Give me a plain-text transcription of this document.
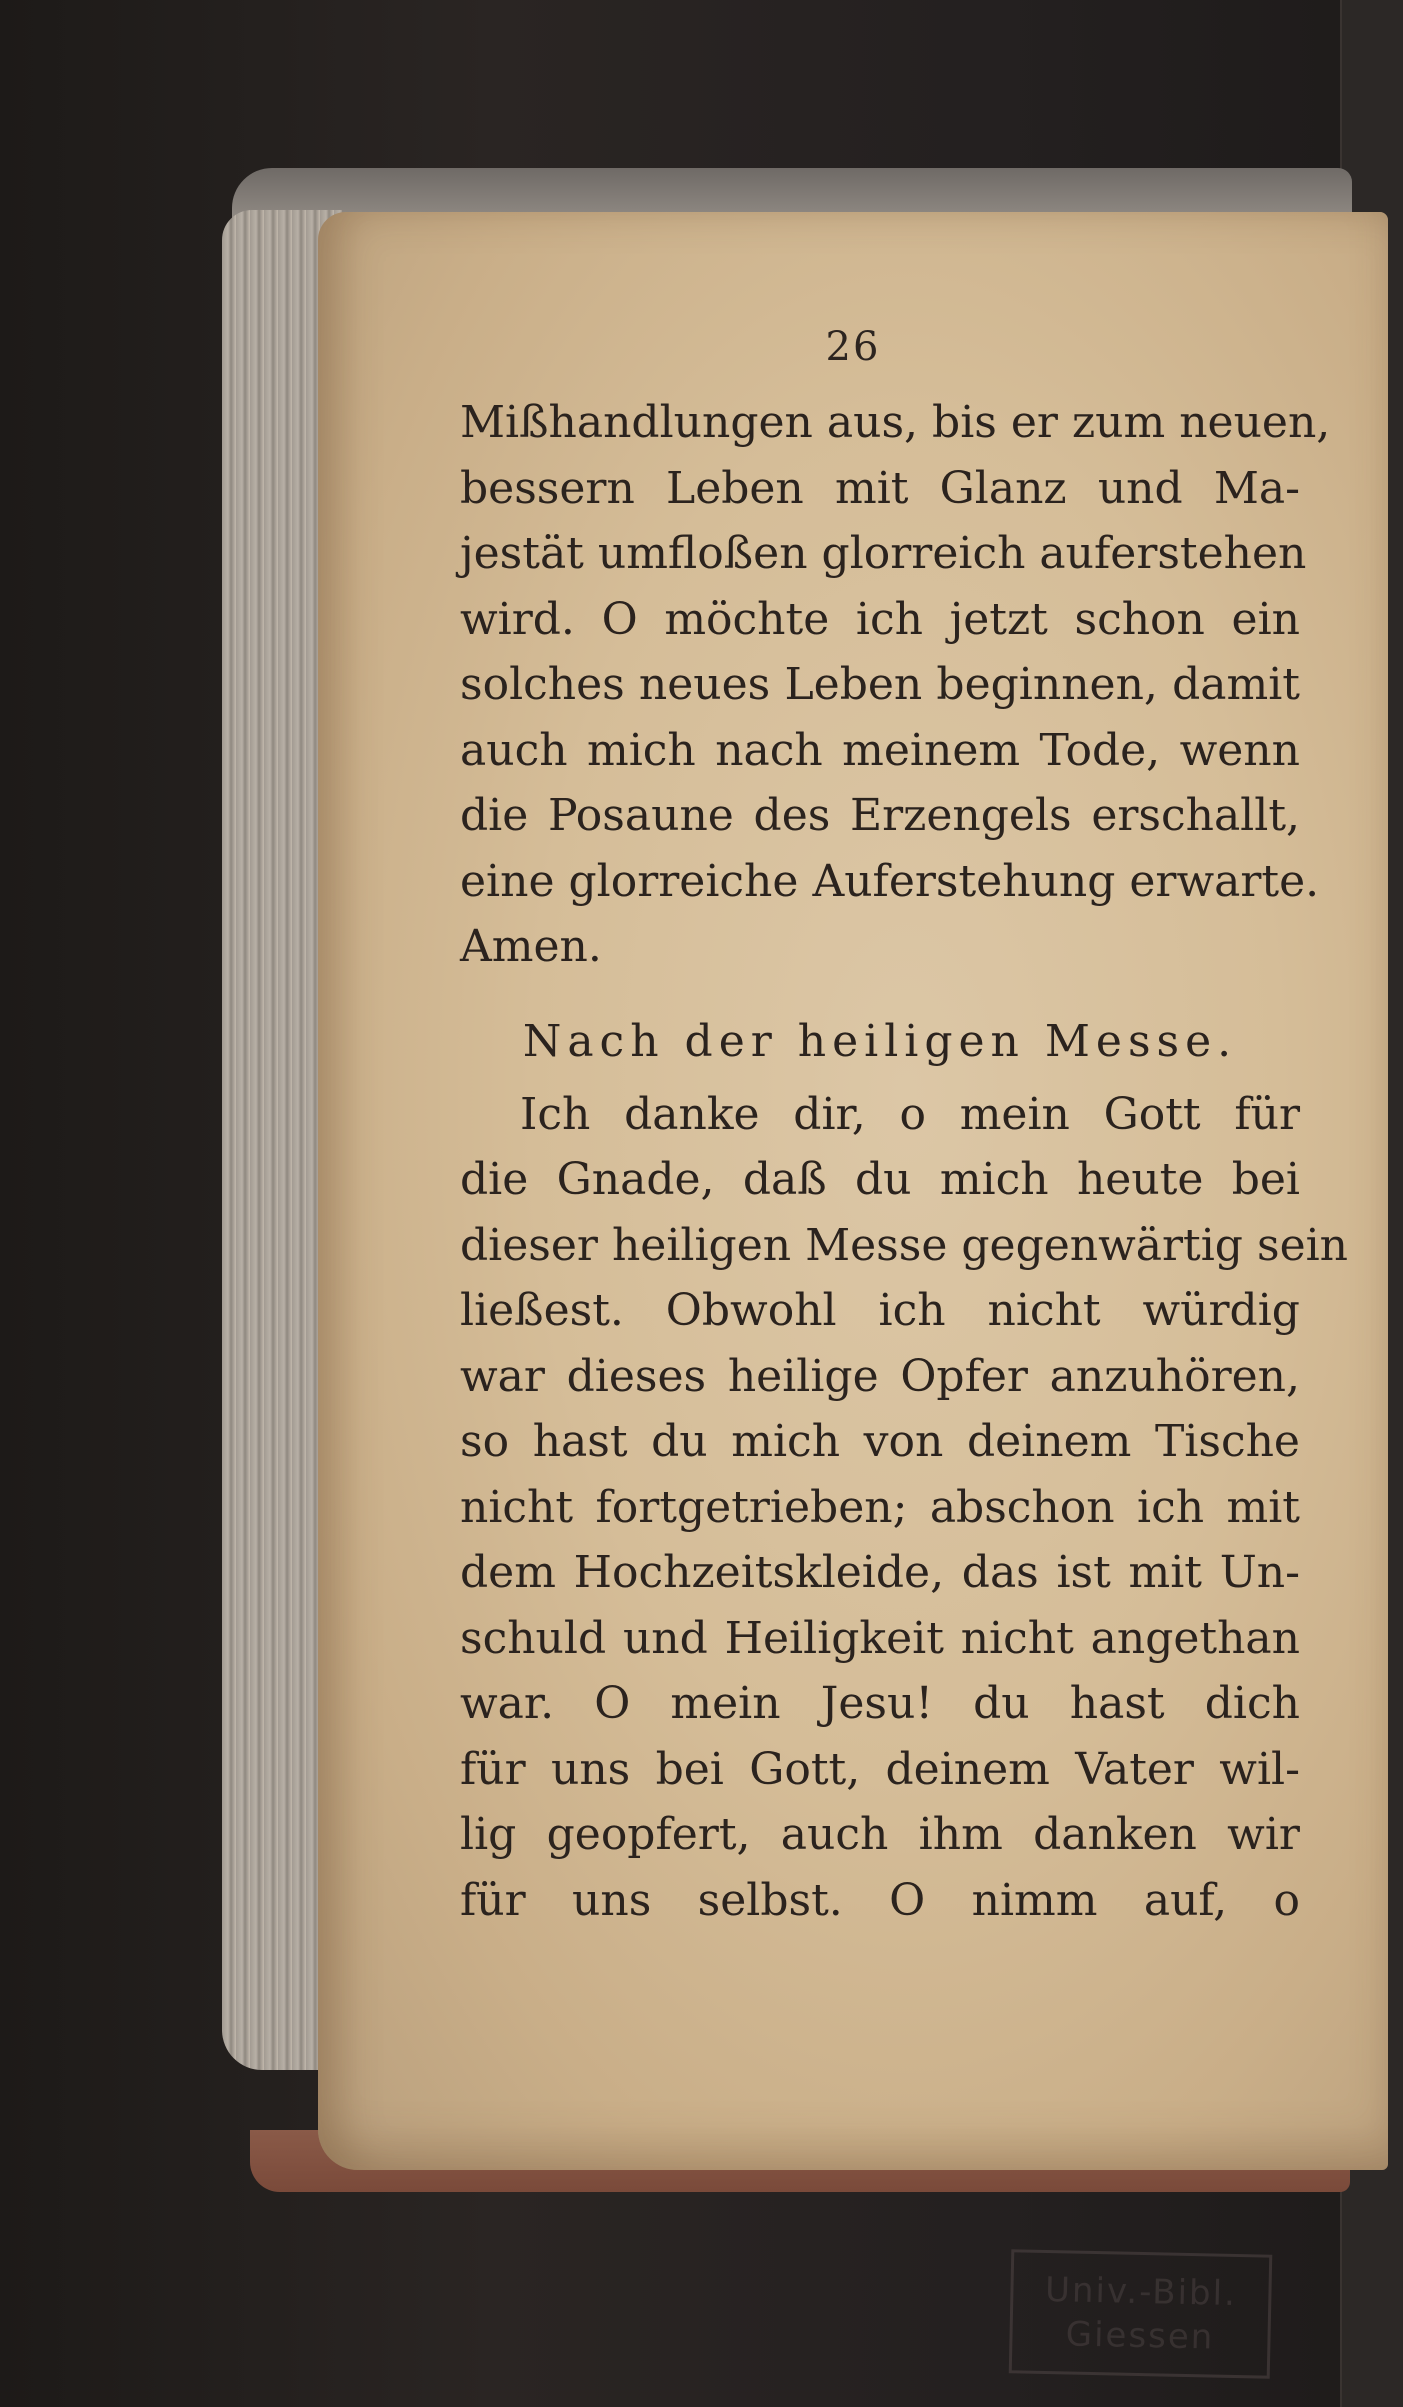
26
Mißhandlungen aus, bis er zum neuen,
bessern Leben mit Glanz und Ma-
jestät umfloßen glorreich auferstehen
wird. O möchte ich jetzt schon ein
solches neues Leben beginnen, damit
auch mich nach meinem Tode, wenn
die Posaune des Erzengels erschallt,
eine glorreiche Auferstehung erwarte.
Amen.
Nach der heiligen Messe.
Ich danke dir, o mein Gott für
die Gnade, daß du mich heute bei
dieser heiligen Messe gegenwärtig sein
ließest. Obwohl ich nicht würdig
war dieses heilige Opfer anzuhören,
so hast du mich von deinem Tische
nicht fortgetrieben; abschon ich mit
dem Hochzeitskleide, das ist mit Un-
schuld und Heiligkeit nicht angethan
war. O mein Jesu! du hast dich
für uns bei Gott, deinem Vater wil-
lig geopfert, auch ihm danken wir
für uns selbst. O nimm auf, o
Univ.-Bibl.
Giessen
